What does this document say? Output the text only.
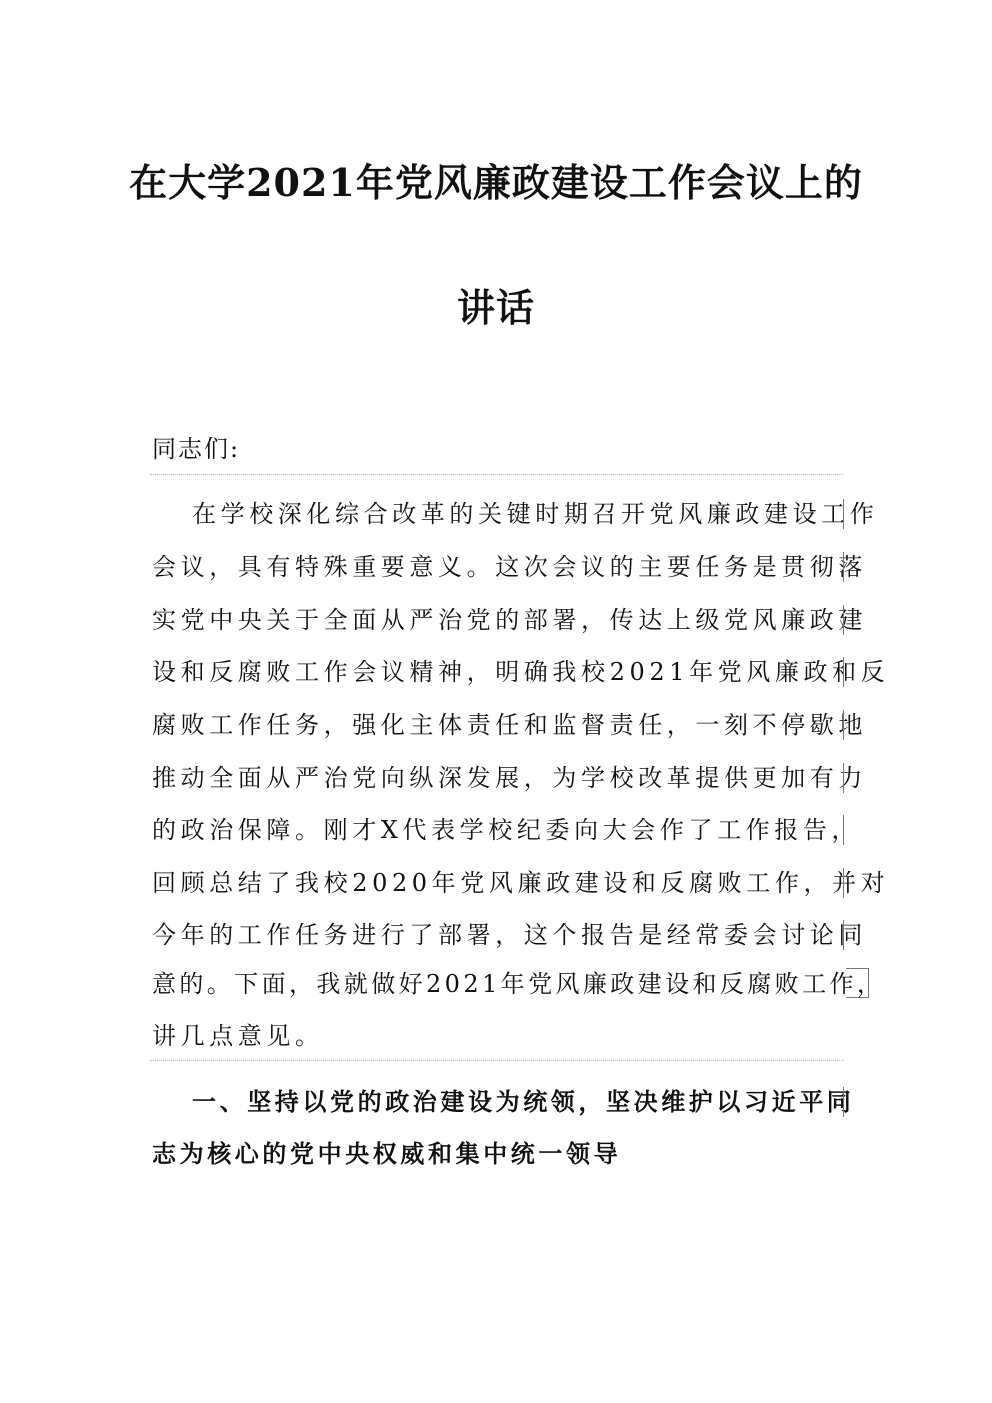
在大学2021年党风廉政建设工作会议上的
讲话
同志们:
在学校深化综合改革的关键时期召开党风廉政建设工作
会议，具有特殊重要意义。这次会议的主要任务是贯彻落
实党中央关于全面从严治党的部署，传达上级党风廉政建
设和反腐败工作会议精神，明确我校2021年党风廉政和反
腐败工作任务，强化主体责任和监督责任，一刻不停歇地
推动全面从严治党向纵深发展，为学校改革提供更加有力
的政治保障。刚才X代表学校纪委向大会作了工作报告，
回顾总结了我校2020年党风廉政建设和反腐败工作，并对
今年的工作任务进行了部署，这个报告是经常委会讨论同
意的。下面，我就做好2021年党风廉政建设和反腐败工作，
讲几点意见。
一、坚持以党的政治建设为统领，坚决维护以习近平同
志为核心的党中央权威和集中统一领导
